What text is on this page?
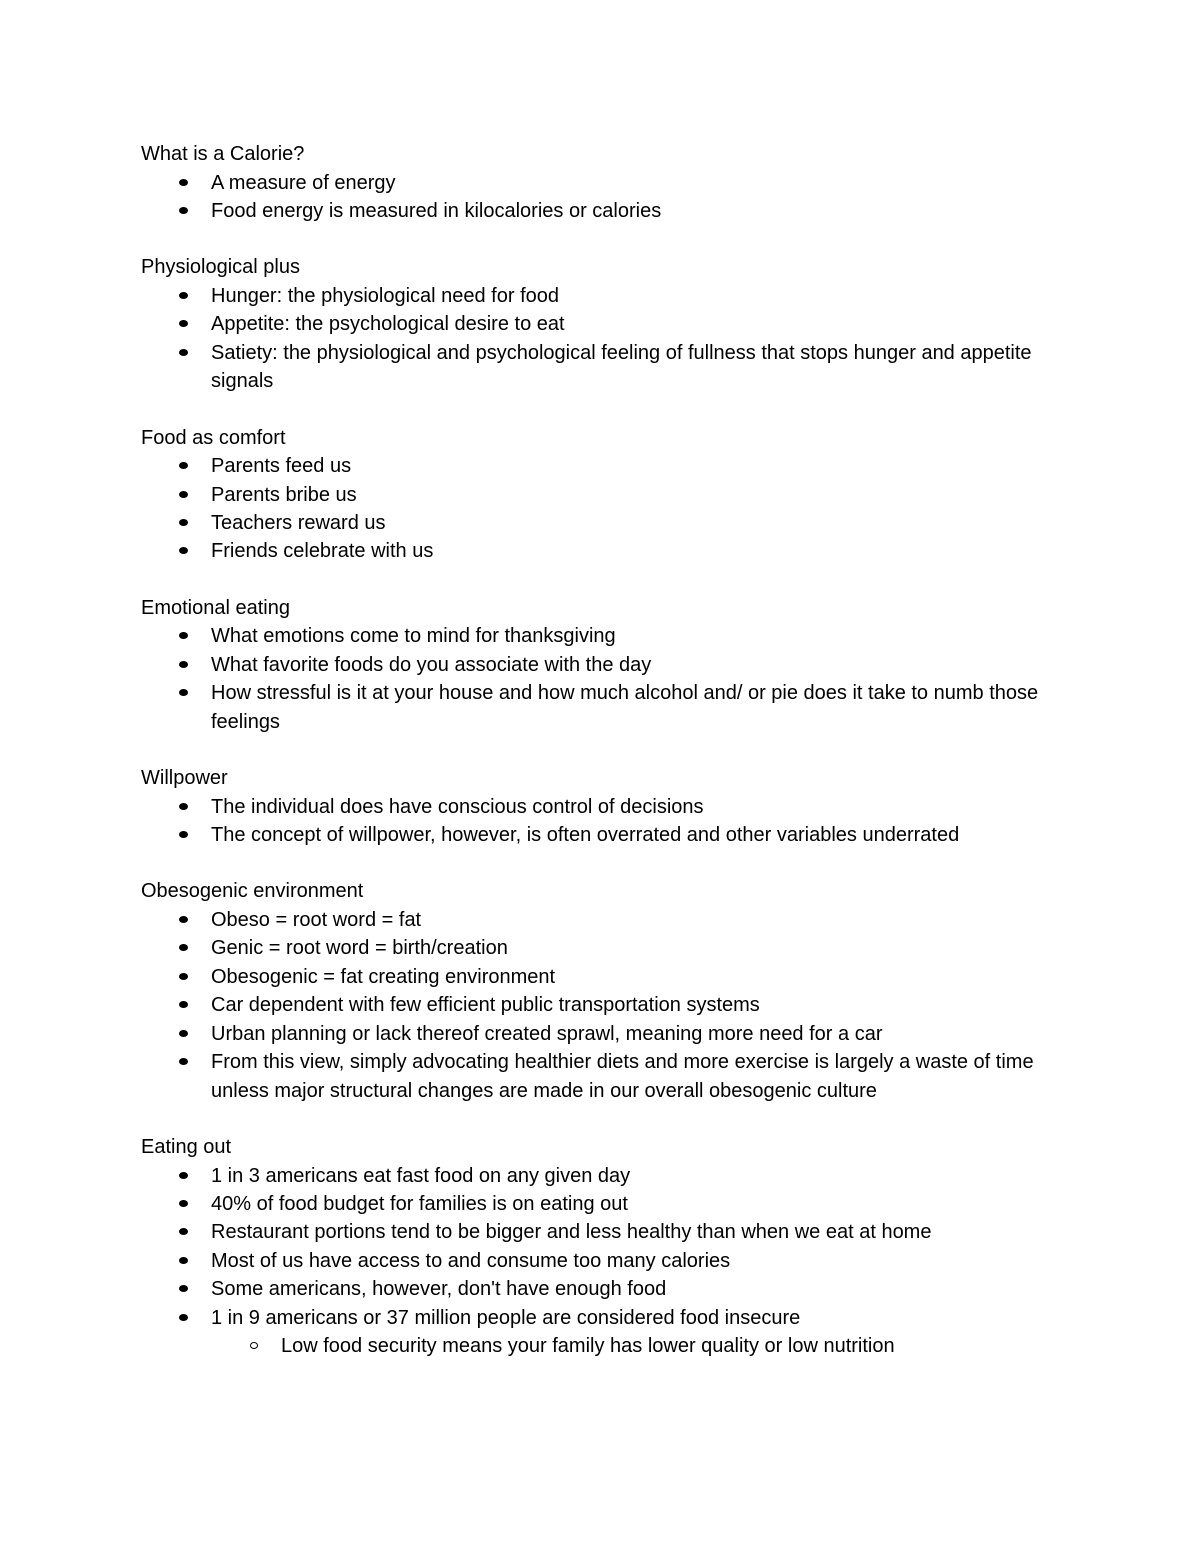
What is a Calorie?

A measure of energy
Food energy is measured in kilocalories or calories

Physiological plus

Hunger: the physiological need for food
Appetite: the psychological desire to eat
Satiety: the physiological and psychological feeling of fullness that stops hunger and appetite signals

Food as comfort

Parents feed us
Parents bribe us
Teachers reward us
Friends celebrate with us

Emotional eating

What emotions come to mind for thanksgiving
What favorite foods do you associate with the day
How stressful is it at your house and how much alcohol and/ or pie does it take to numb those feelings

Willpower

The individual does have conscious control of decisions
The concept of willpower, however, is often overrated and other variables underrated

Obesogenic environment

Obeso = root word = fat
Genic = root word = birth/creation
Obesogenic = fat creating environment
Car dependent with few efficient public transportation systems
Urban planning or lack thereof created sprawl, meaning more need for a car
From this view, simply advocating healthier diets and more exercise is largely a waste of time unless major structural changes are made in our overall obesogenic culture

Eating out

1 in 3 americans eat fast food on any given day
40% of food budget for families is on eating out
Restaurant portions tend to be bigger and less healthy than when we eat at home
Most of us have access to and consume too many calories
Some americans, however, don't have enough food
1 in 9 americans or 37 million people are considered food insecure
Low food security means your family has lower quality or low nutrition
